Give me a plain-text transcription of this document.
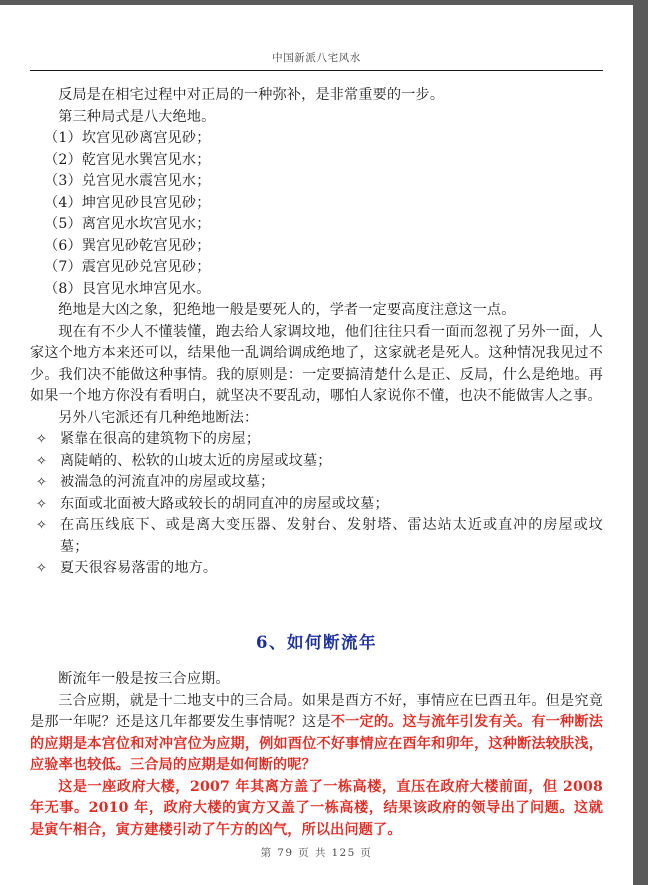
中国新派八宅风水

反局是在相宅过程中对正局的一种弥补，是非常重要的一步。

第三种局式是八大绝地。

（1）坎宫见砂离宫见砂；

（2）乾宫见水巽宫见水；

（3）兑宫见水震宫见水；

（4）坤宫见砂艮宫见砂；

（5）离宫见水坎宫见水；

（6）巽宫见砂乾宫见砂；

（7）震宫见砂兑宫见砂；

（8）艮宫见水坤宫见水。

绝地是大凶之象，犯绝地一般是要死人的，学者一定要高度注意这一点。

现在有不少人不懂装懂，跑去给人家调坟地，他们往往只看一面而忽视了另外一面，人家这个地方本来还可以，结果他一乱调给调成绝地了，这家就老是死人。这种情况我见过不少。我们决不能做这种事情。我的原则是：一定要搞清楚什么是正、反局，什么是绝地。再如果一个地方你没有看明白，就坚决不要乱动，哪怕人家说你不懂，也决不能做害人之事。

另外八宅派还有几种绝地断法：

✧ 紧靠在很高的建筑物下的房屋；
✧ 离陡峭的、松软的山坡太近的房屋或坟墓；
✧ 被湍急的河流直冲的房屋或坟墓；
✧ 东面或北面被大路或较长的胡同直冲的房屋或坟墓；
✧ 在高压线底下、或是离大变压器、发射台、发射塔、雷达站太近或直冲的房屋或坟墓；
✧ 夏天很容易落雷的地方。
6、如何断流年

断流年一般是按三合应期。

三合应期，就是十二地支中的三合局。如果是酉方不好，事情应在巳酉丑年。但是究竟是那一年呢？还是这几年都要发生事情呢？这是不一定的。这与流年引发有关。有一种断法的应期是本宫位和对冲宫位为应期，例如酉位不好事情应在酉年和卯年，这种断法较肤浅，应验率也较低。三合局的应期是如何断的呢？

这是一座政府大楼，2007 年其离方盖了一栋高楼，直压在政府大楼前面，但 2008 年无事。2010 年，政府大楼的寅方又盖了一栋高楼，结果该政府的领导出了问题。这就是寅午相合，寅方建楼引动了午方的凶气，所以出问题了。

第 79 页 共 125 页
